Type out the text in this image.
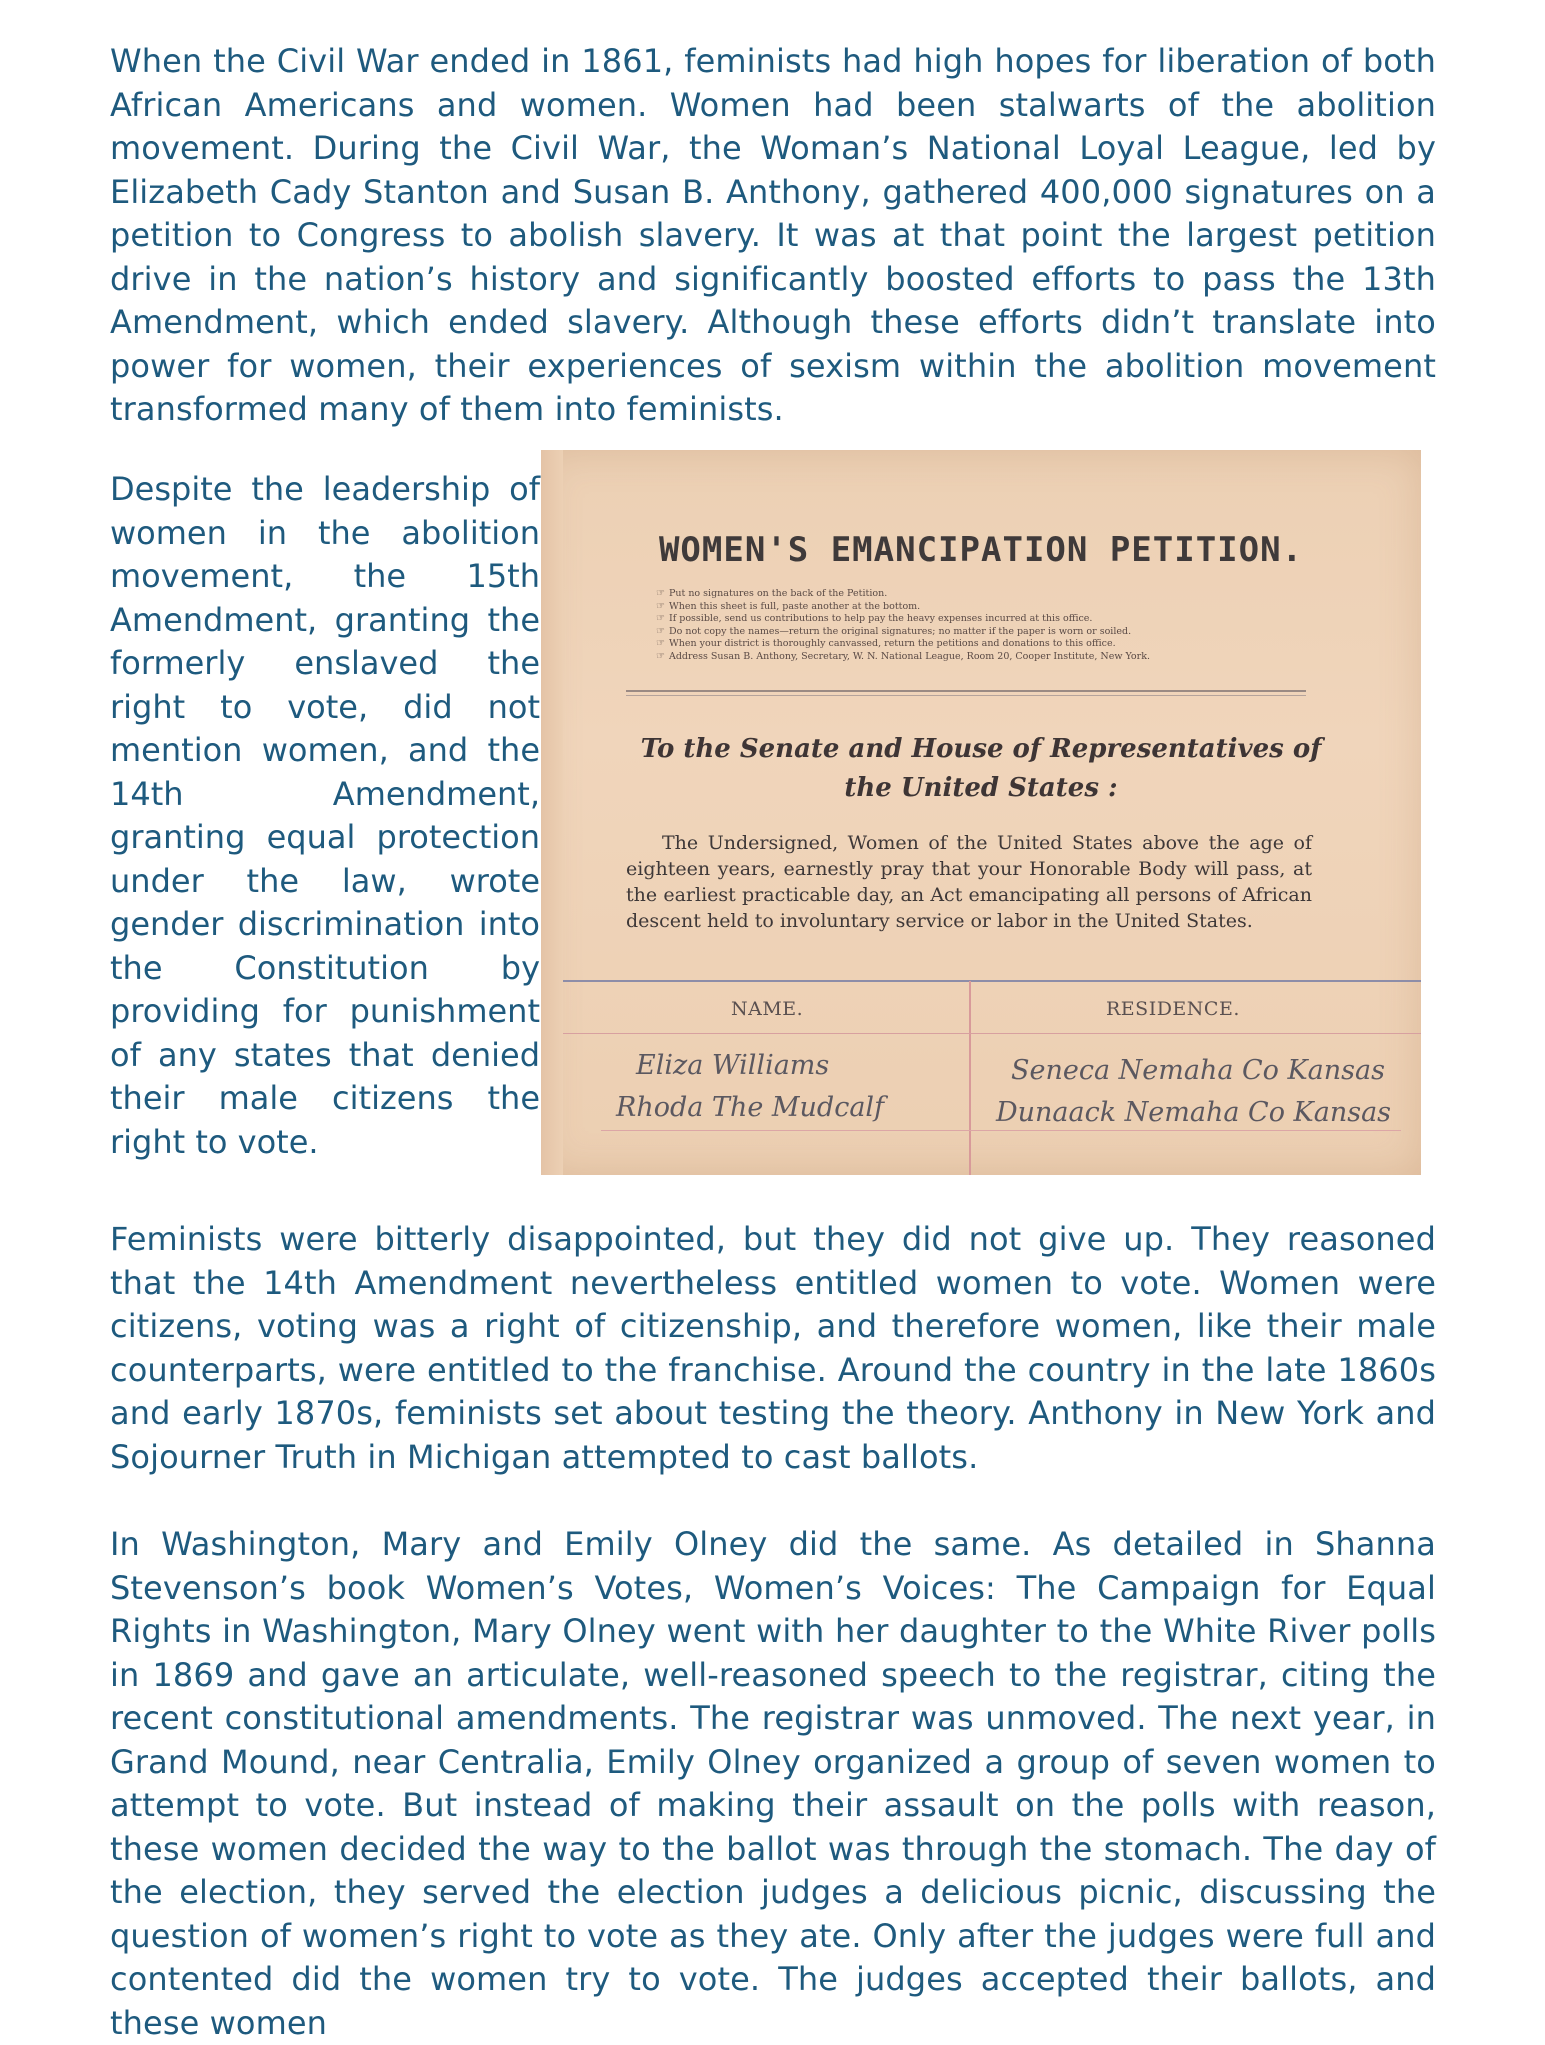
When the Civil War ended in 1861, feminists had high hopes for liberation of both African Americans and women. Women had been stalwarts of the abolition movement. During the Civil War, the Woman’s National Loyal League, led by Elizabeth Cady Stanton and Susan B. Anthony, gathered 400,000 signatures on a petition to Congress to abolish slavery. It was at that point the largest petition drive in the nation’s history and significantly boosted efforts to pass the 13th Amendment, which ended slavery. Although these efforts didn’t translate into power for women, their experiences of sexism within the abolition movement transformed many of them into feminists.

Despite the leadership of women in the abolition movement, the 15th Amendment, granting the formerly enslaved the right to vote, did not mention women, and the 14th Amendment, granting equal protection under the law, wrote gender discrimination into the Constitution by providing for punishment of any states that denied their male citizens the right to vote.

Feminists were bitterly disappointed, but they did not give up. They reasoned that the 14th Amendment nevertheless entitled women to vote. Women were citizens, voting was a right of citizenship, and therefore women, like their male counterparts, were entitled to the franchise. Around the country in the late 1860s and early 1870s, feminists set about testing the theory. Anthony in New York and Sojourner Truth in Michigan attempted to cast ballots.

In Washington, Mary and Emily Olney did the same. As detailed in Shanna Stevenson’s book Women’s Votes, Women’s Voices: The Campaign for Equal Rights in Washington, Mary Olney went with her daughter to the White River polls in 1869 and gave an articulate, well-reasoned speech to the registrar, citing the recent constitutional amendments. The registrar was unmoved. The next year, in Grand Mound, near Centralia, Emily Olney organized a group of seven women to attempt to vote. But instead of making their assault on the polls with reason, these women decided the way to the ballot was through the stomach. The day of the election, they served the election judges a delicious picnic, discussing the question of women’s right to vote as they ate. Only after the judges were full and contented did the women try to vote. The judges accepted their ballots, and these women

WOMEN'S EMANCIPATION PETITION.
☞ Put no signatures on the back of the Petition.
☞ When this sheet is full, paste another at the bottom.
☞ If possible, send us contributions to help pay the heavy expenses incurred at this office.
☞ Do not copy the names—return the original signatures; no matter if the paper is worn or soiled.
☞ When your district is thoroughly canvassed, return the petitions and donations to this office.
☞ Address Susan B. Anthony, Secretary, W. N. National League, Room 20, Cooper Institute, New York.
To the Senate and House of Representatives of
the United States :
The Undersigned, Women of the United States above the age of eighteen years, earnestly pray that your Honorable Body will pass, at the earliest practicable day, an Act emancipating all persons of African descent held to involuntary service or labor in the United States.
NAME.	RESIDENCE.
Eliza Williams
Rhoda The Mudcalf
Seneca Nemaha Co Kansas
Dunaack Nemaha Co Kansas
